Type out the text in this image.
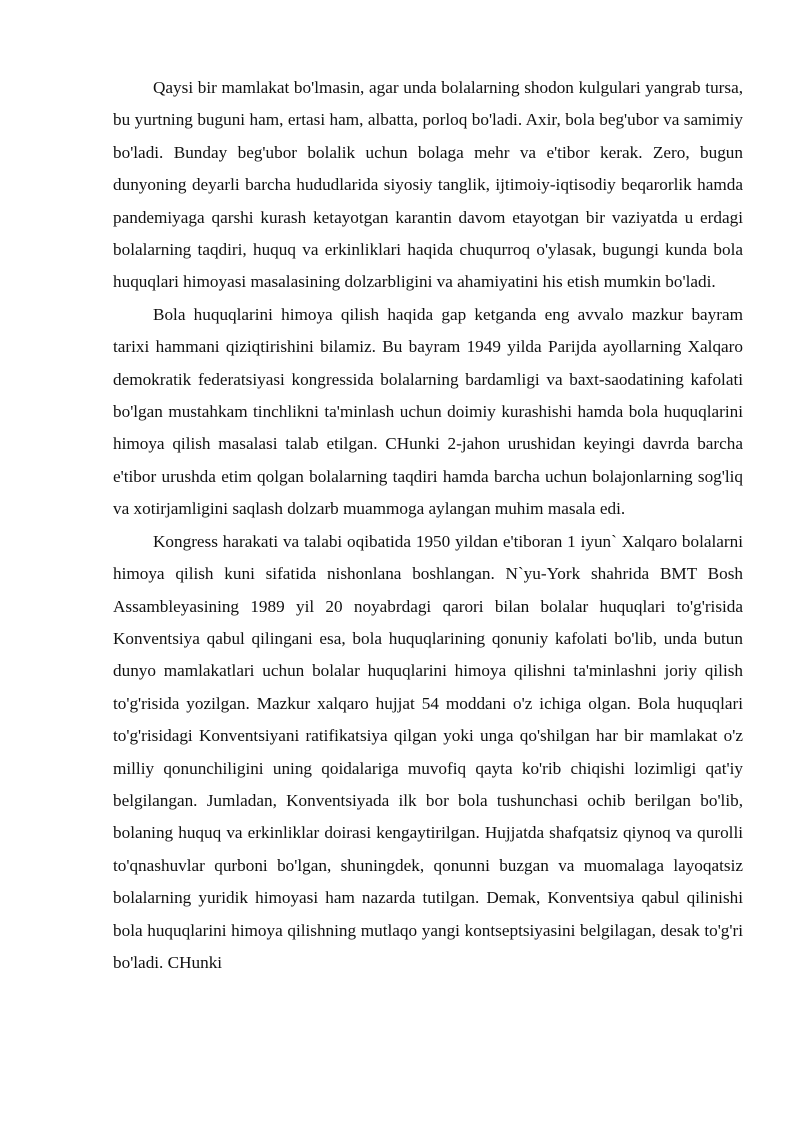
Qaysi bir mamlakat bo'lmasin, agar unda bolalarning shodon kulgulari yangrab tursa, bu yurtning buguni ham, ertasi ham, albatta, porloq bo'ladi. Axir, bola beg'ubor va samimiy bo'ladi. Bunday beg'ubor bolalik uchun bolaga mehr va e'tibor kerak. Zero, bugun dunyoning deyarli barcha hududlarida siyosiy tanglik, ijtimoiy-iqtisodiy beqarorlik hamda pandemiyaga qarshi kurash ketayotgan karantin davom etayotgan bir vaziyatda u erdagi bolalarning taqdiri, huquq va erkinliklari haqida chuqurroq o'ylasak, bugungi kunda bola huquqlari himoyasi masalasining dolzarbligini va ahamiyatini his etish mumkin bo'ladi.

Bola huquqlarini himoya qilish haqida gap ketganda eng avvalo mazkur bayram tarixi hammani qiziqtirishini bilamiz. Bu bayram 1949 yilda Parijda ayollarning Xalqaro demokratik federatsiyasi kongressida bolalarning bardamligi va baxt-saodatining kafolati bo'lgan mustahkam tinchlikni ta'minlash uchun doimiy kurashishi hamda bola huquqlarini himoya qilish masalasi talab etilgan. CHunki 2-jahon urushidan keyingi davrda barcha e'tibor urushda etim qolgan bolalarning taqdiri hamda barcha uchun bolajonlarning sog'liq va xotirjamligini saqlash dolzarb muammoga aylangan muhim masala edi.

Kongress harakati va talabi oqibatida 1950 yildan e'tiboran 1 iyun` Xalqaro bolalarni himoya qilish kuni sifatida nishonlana boshlangan. N`yu-York shahrida BMT Bosh Assambleyasining 1989 yil 20 noyabrdagi qarori bilan bolalar huquqlari to'g'risida Konventsiya qabul qilingani esa, bola huquqlarining qonuniy kafolati bo'lib, unda butun dunyo mamlakatlari uchun bolalar huquqlarini himoya qilishni ta'minlashni joriy qilish to'g'risida yozilgan. Mazkur xalqaro hujjat 54 moddani o'z ichiga olgan. Bola huquqlari to'g'risidagi Konventsiyani ratifikatsiya qilgan yoki unga qo'shilgan har bir mamlakat o'z milliy qonunchiligini uning qoidalariga muvofiq qayta ko'rib chiqishi lozimligi qat'iy belgilangan. Jumladan, Konventsiyada ilk bor bola tushunchasi ochib berilgan bo'lib, bolaning huquq va erkinliklar doirasi kengaytirilgan. Hujjatda shafqatsiz qiynoq va qurolli to'qnashuvlar qurboni bo'lgan, shuningdek, qonunni buzgan va muomalaga layoqatsiz bolalarning yuridik himoyasi ham nazarda tutilgan. Demak, Konventsiya qabul qilinishi bola huquqlarini himoya qilishning mutlaqo yangi kontseptsiyasini belgilagan, desak to'g'ri bo'ladi. CHunki
